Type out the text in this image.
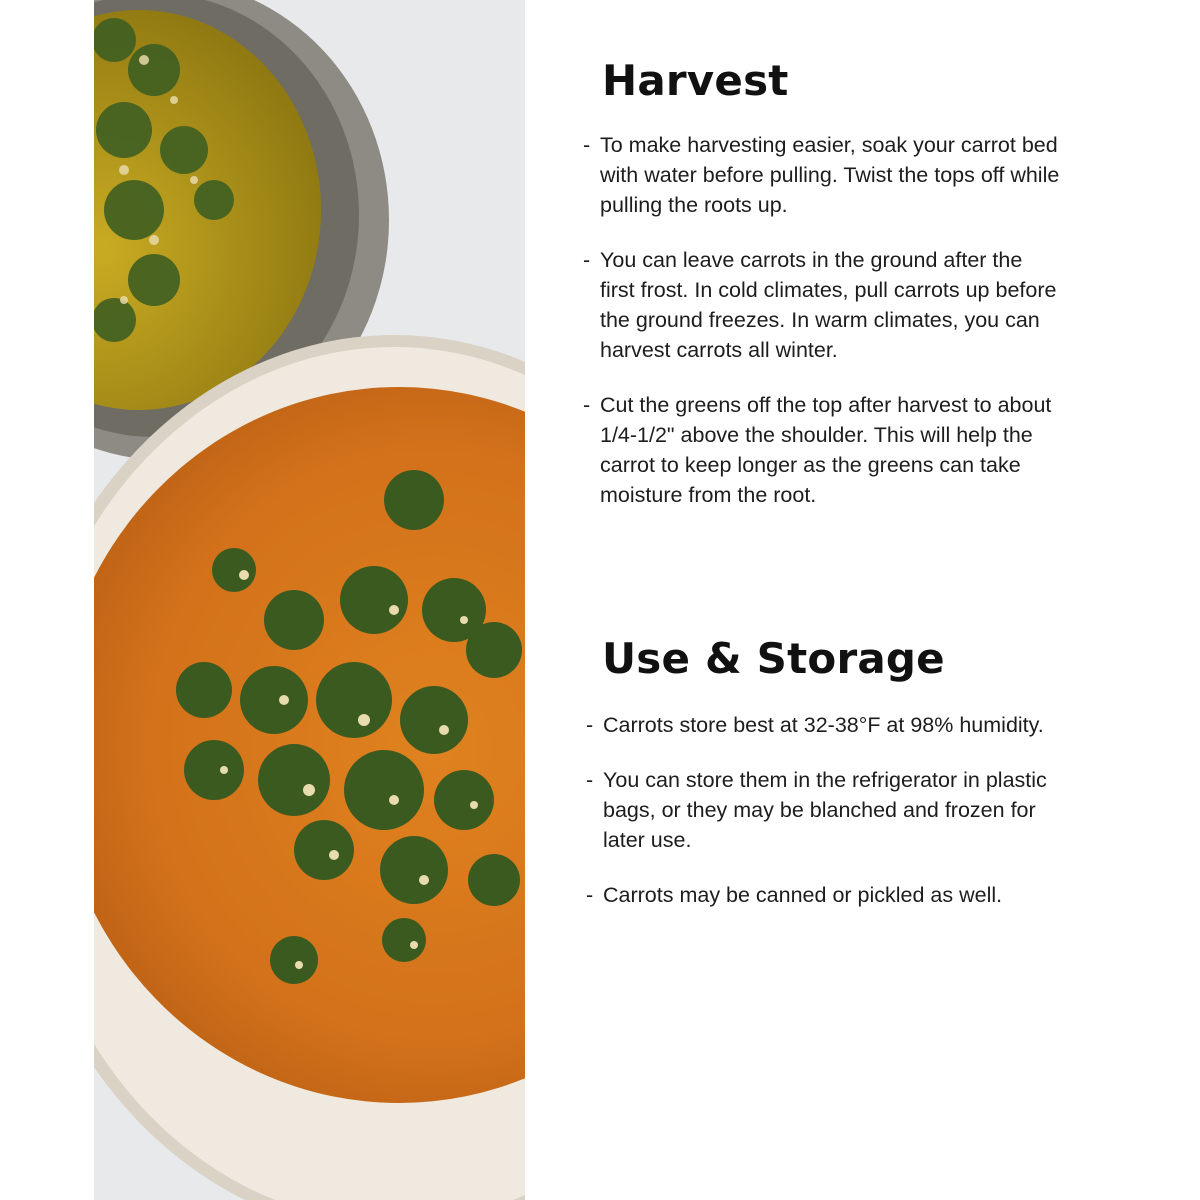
Harvest
- To make harvesting easier, soak your carrot bed with water before pulling. Twist the tops off while pulling the roots up.
- You can leave carrots in the ground after the first frost. In cold climates, pull carrots up before the ground freezes. In warm climates, you can harvest carrots all winter.
- Cut the greens off the top after harvest to about 1/4-1/2" above the shoulder. This will help the carrot to keep longer as the greens can take moisture from the root.
Use & Storage
- Carrots store best at 32-38°F at 98% humidity.
- You can store them in the refrigerator in plastic bags, or they may be blanched and frozen for later use.
- Carrots may be canned or pickled as well.
